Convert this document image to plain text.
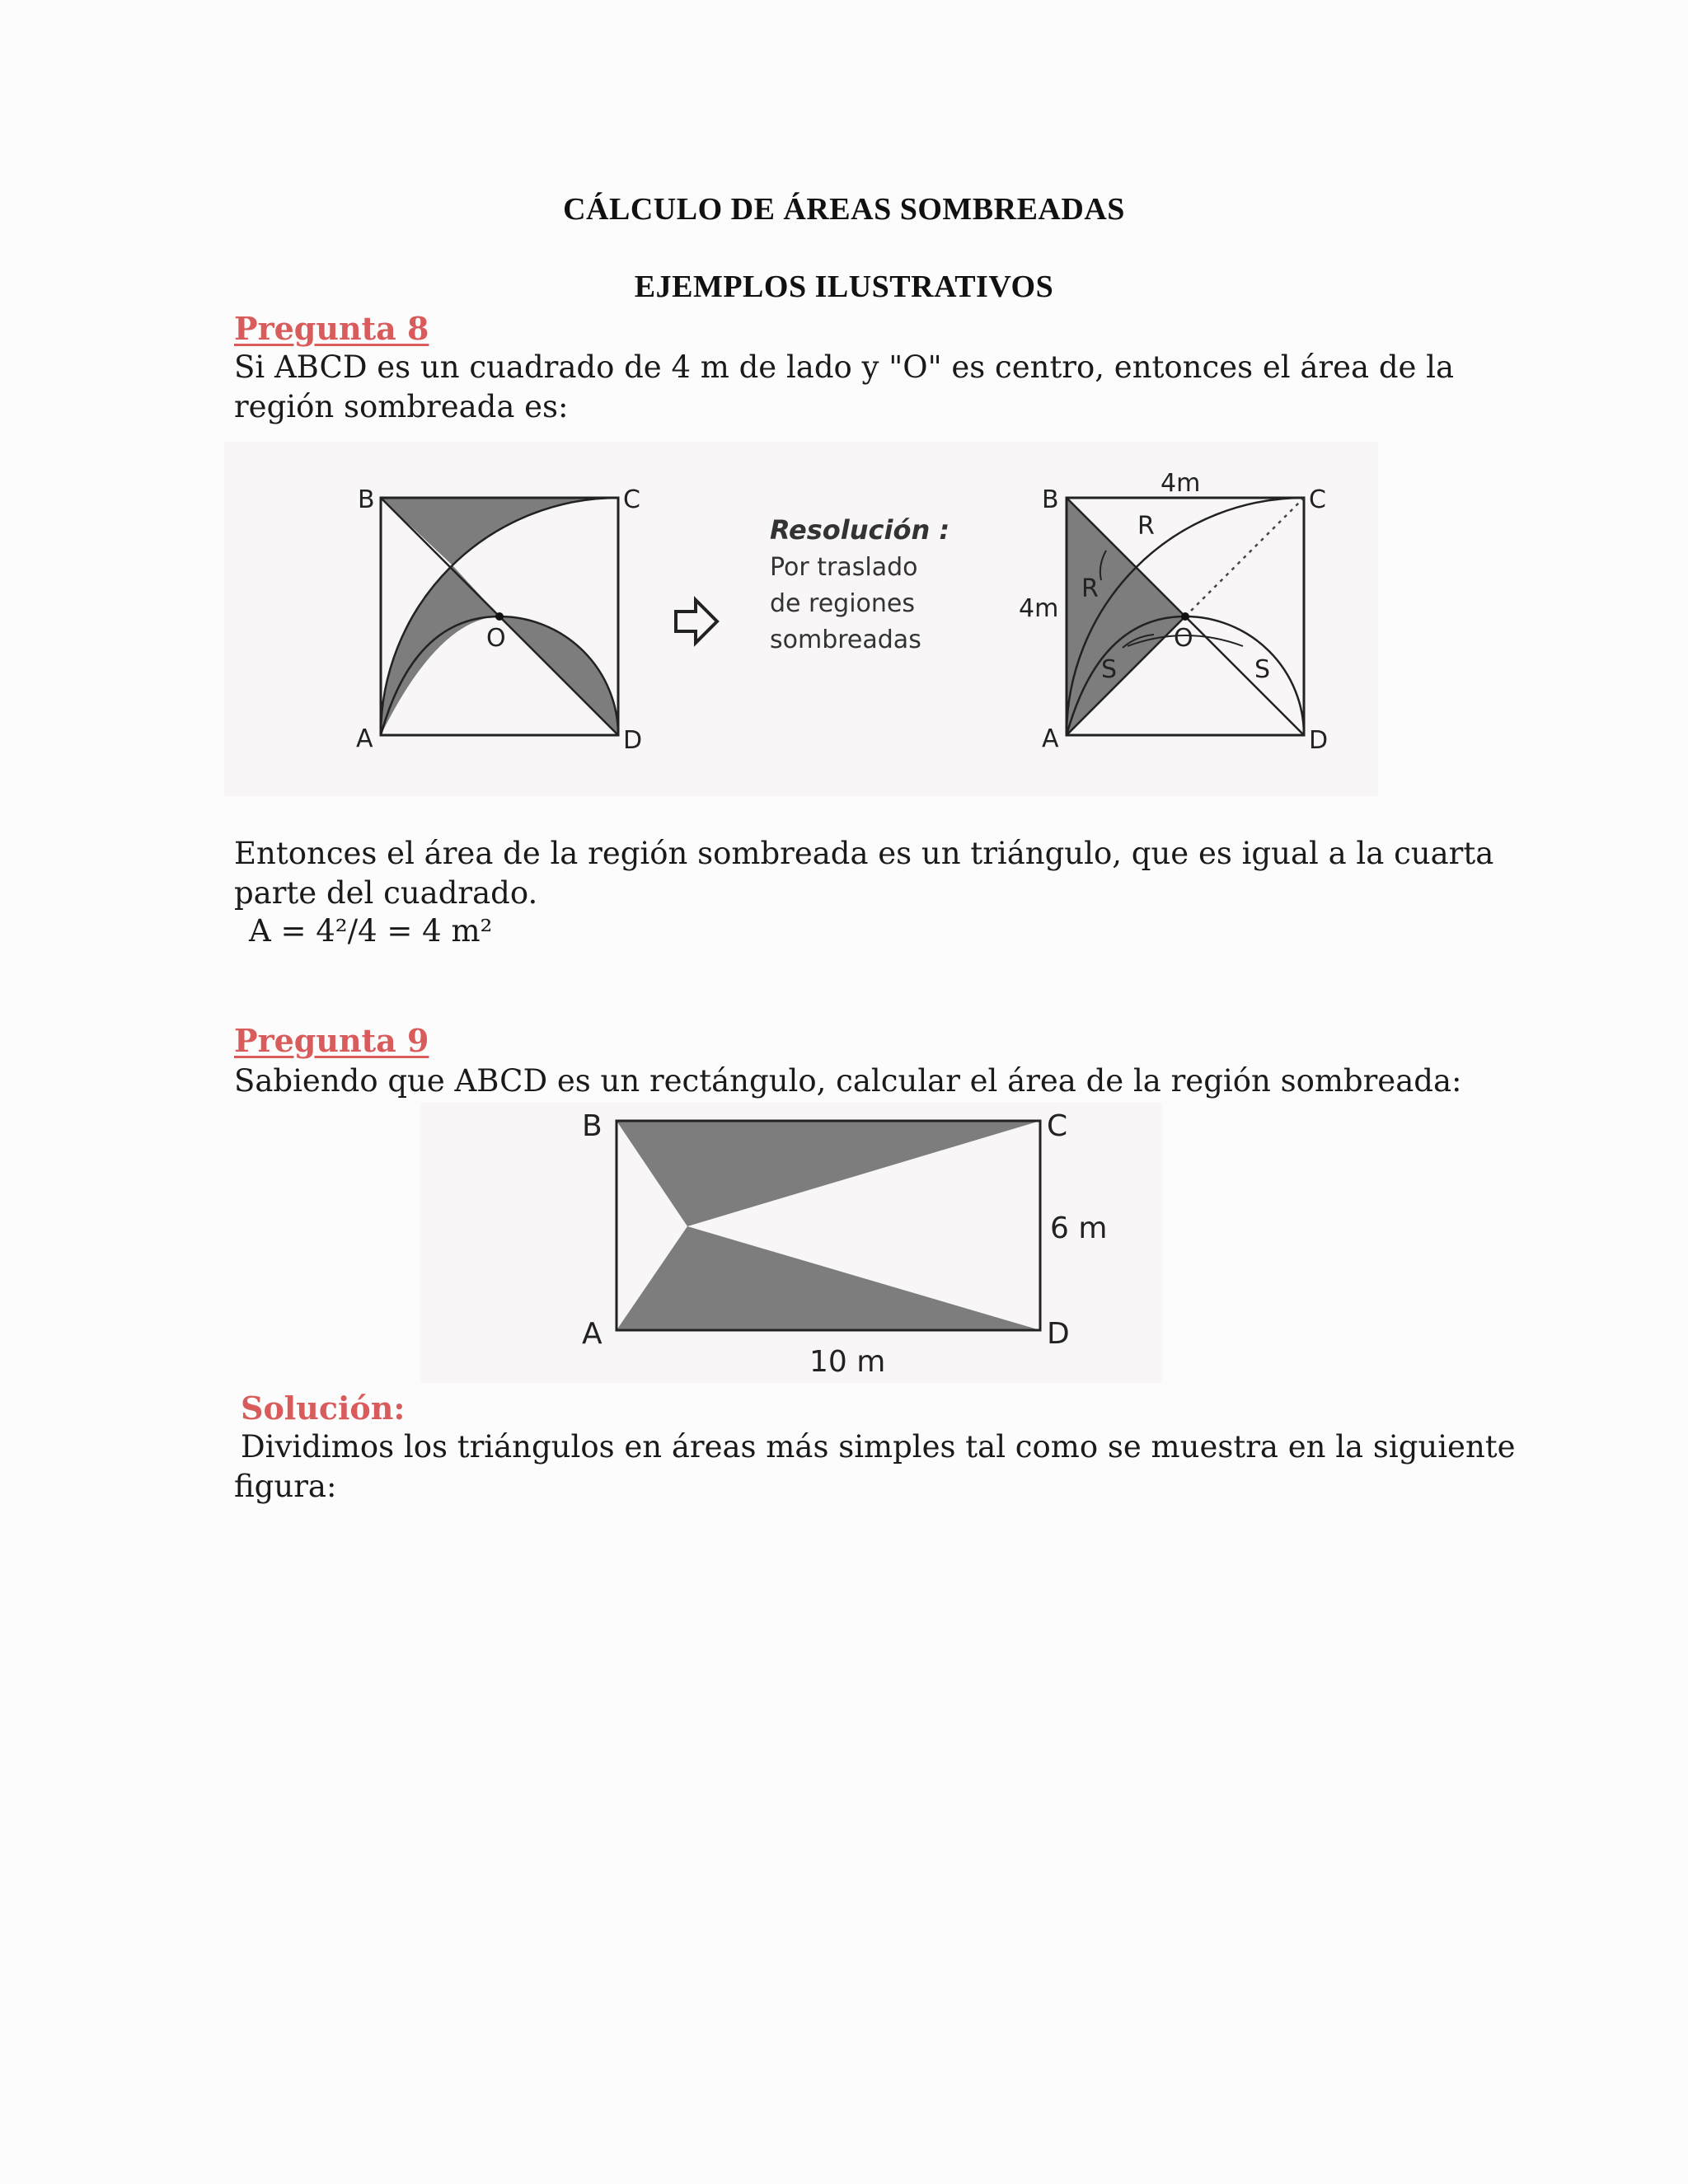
CÁLCULO DE ÁREAS SOMBREADAS
EJEMPLOS ILUSTRATIVOS
Pregunta 8
Si ABCD es un cuadrado de 4 m de lado y "O" es centro, entonces el área de la
región sombreada es:
B	C
A	D
O
Resolución :
Por traslado
de regiones
sombreadas
B	C
A	D
O
4m
4m
R
R
S	S
Entonces el área de la región sombreada es un triángulo, que es igual a la cuarta
parte del cuadrado.
A = 4²/4 = 4 m²
Pregunta 9
Sabiendo que ABCD es un rectángulo, calcular el área de la región sombreada:
B	C
A	D
6 m
10 m
Solución:
Dividimos los triángulos en áreas más simples tal como se muestra en la siguiente
figura:
